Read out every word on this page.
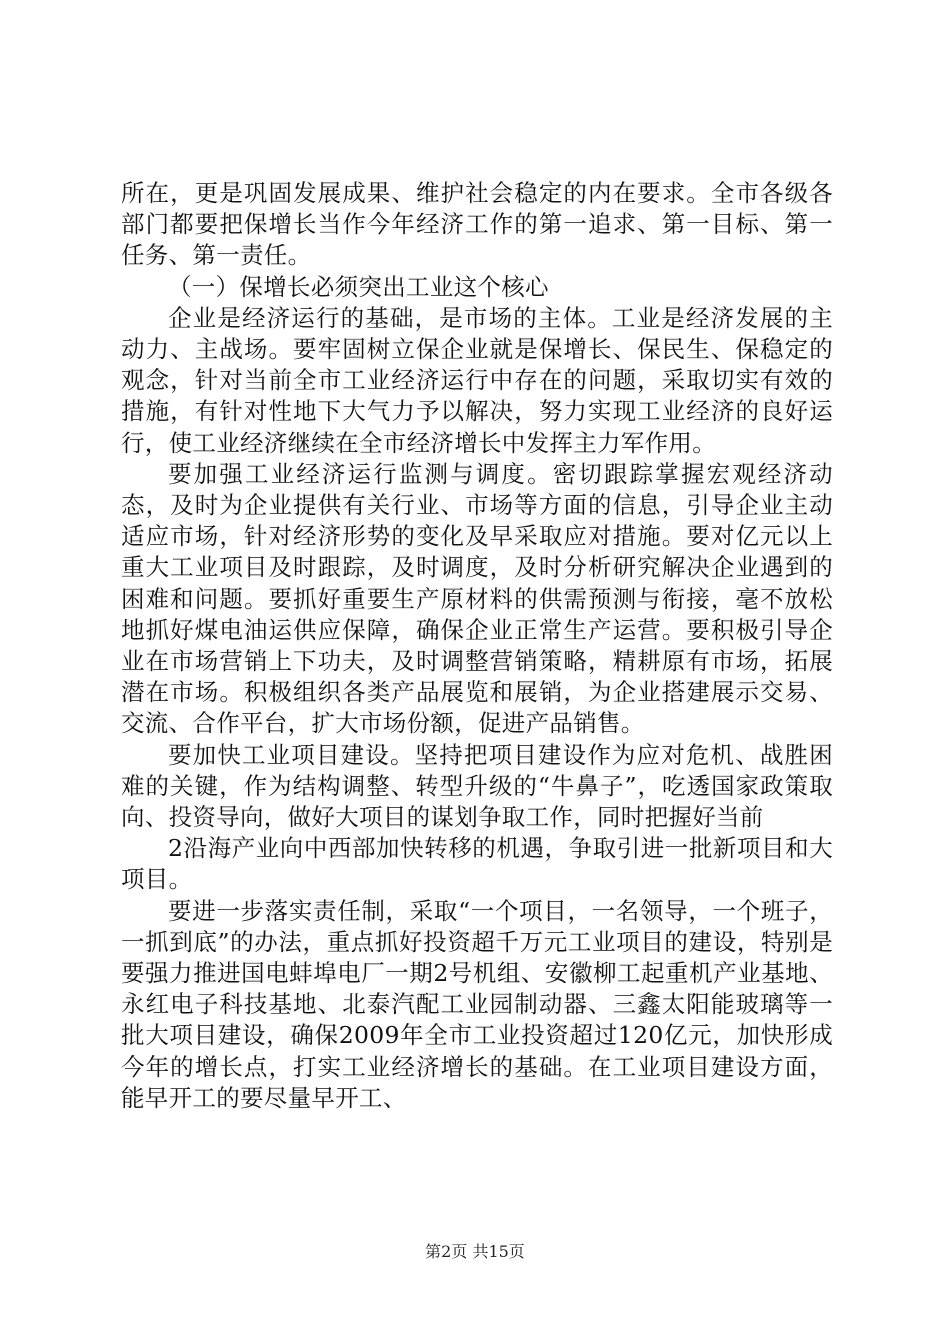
所在，更是巩固发展成果、维护社会稳定的内在要求。全市各级各部门都要把保增长当作今年经济工作的第一追求、第一目标、第一任务、第一责任。

（一）保增长必须突出工业这个核心

企业是经济运行的基础，是市场的主体。工业是经济发展的主动力、主战场。要牢固树立保企业就是保增长、保民生、保稳定的观念，针对当前全市工业经济运行中存在的问题，采取切实有效的措施，有针对性地下大气力予以解决，努力实现工业经济的良好运行，使工业经济继续在全市经济增长中发挥主力军作用。

要加强工业经济运行监测与调度。密切跟踪掌握宏观经济动态，及时为企业提供有关行业、市场等方面的信息，引导企业主动适应市场，针对经济形势的变化及早采取应对措施。要对亿元以上重大工业项目及时跟踪，及时调度，及时分析研究解决企业遇到的困难和问题。要抓好重要生产原材料的供需预测与衔接，毫不放松地抓好煤电油运供应保障，确保企业正常生产运营。要积极引导企业在市场营销上下功夫，及时调整营销策略，精耕原有市场，拓展潜在市场。积极组织各类产品展览和展销，为企业搭建展示交易、交流、合作平台，扩大市场份额，促进产品销售。

要加快工业项目建设。坚持把项目建设作为应对危机、战胜困难的关键，作为结构调整、转型升级的“牛鼻子”，吃透国家政策取向、投资导向，做好大项目的谋划争取工作，同时把握好当前

2沿海产业向中西部加快转移的机遇，争取引进一批新项目和大项目。

要进一步落实责任制，采取“一个项目，一名领导，一个班子，一抓到底”的办法，重点抓好投资超千万元工业项目的建设，特别是要强力推进国电蚌埠电厂一期2号机组、安徽柳工起重机产业基地、永红电子科技基地、北泰汽配工业园制动器、三鑫太阳能玻璃等一批大项目建设，确保2009年全市工业投资超过120亿元，加快形成今年的增长点，打实工业经济增长的基础。在工业项目建设方面，能早开工的要尽量早开工、

第2页 共15页
